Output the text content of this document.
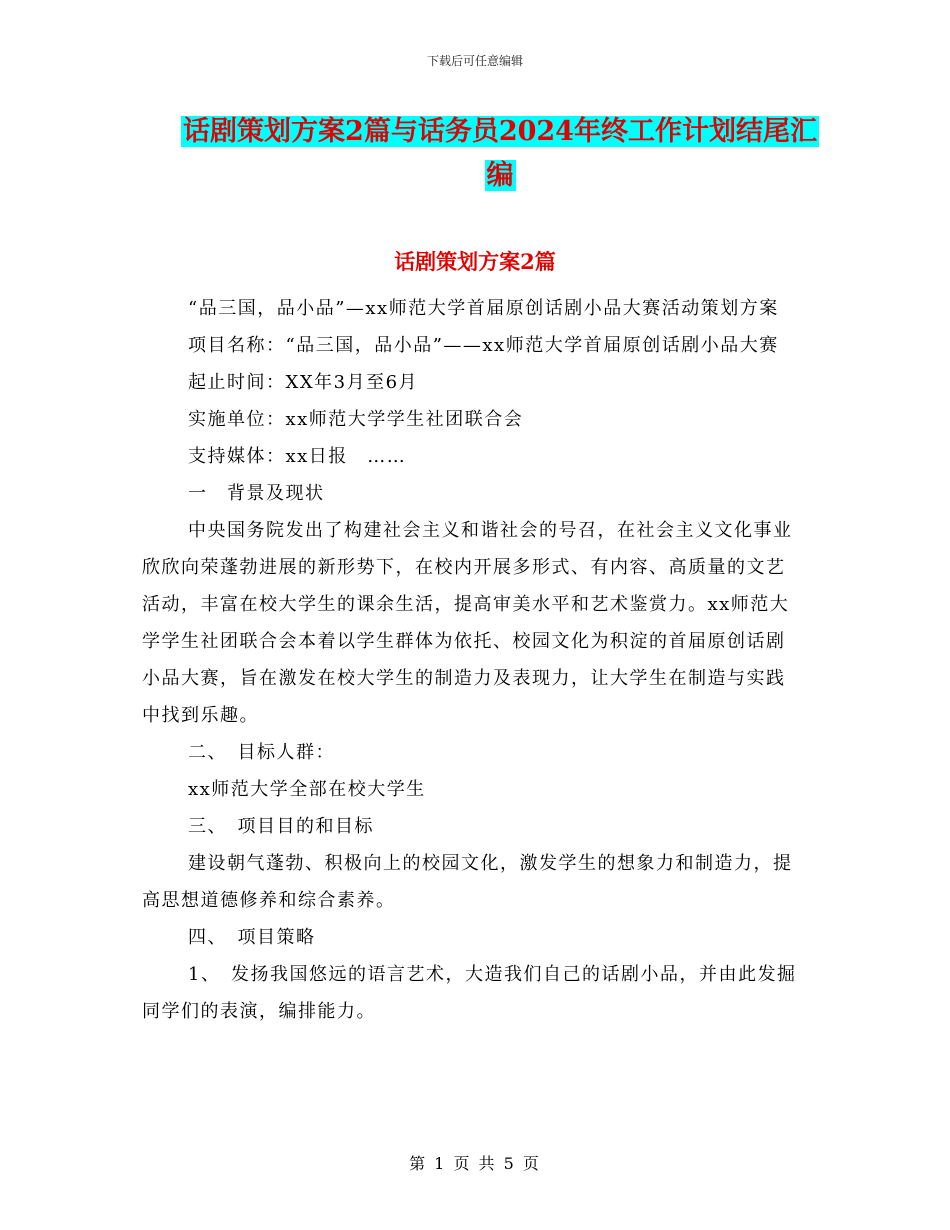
下载后可任意编辑
话剧策划方案2篇与话务员2024年终工作计划结尾汇
编
话剧策划方案2篇

“品三国，品小品”—xx师范大学首届原创话剧小品大赛活动策划方案

项目名称：“品三国，品小品”——xx师范大学首届原创话剧小品大赛

起止时间：XX年3月至6月

实施单位：xx师范大学学生社团联合会

支持媒体：xx日报　……

一　背景及现状

中央国务院发出了构建社会主义和谐社会的号召，在社会主义文化事业欣欣向荣蓬勃进展的新形势下，在校内开展多形式、有内容、高质量的文艺活动，丰富在校大学生的课余生活，提高审美水平和艺术鉴赏力。xx师范大学学生社团联合会本着以学生群体为依托、校园文化为积淀的首届原创话剧小品大赛，旨在激发在校大学生的制造力及表现力，让大学生在制造与实践中找到乐趣。

二、　目标人群：

xx师范大学全部在校大学生

三、　项目目的和目标

建设朝气蓬勃、积极向上的校园文化，激发学生的想象力和制造力，提高思想道德修养和综合素养。

四、　项目策略

1、　发扬我国悠远的语言艺术，大造我们自己的话剧小品，并由此发掘同学们的表演，编排能力。

第 1 页 共 5 页
